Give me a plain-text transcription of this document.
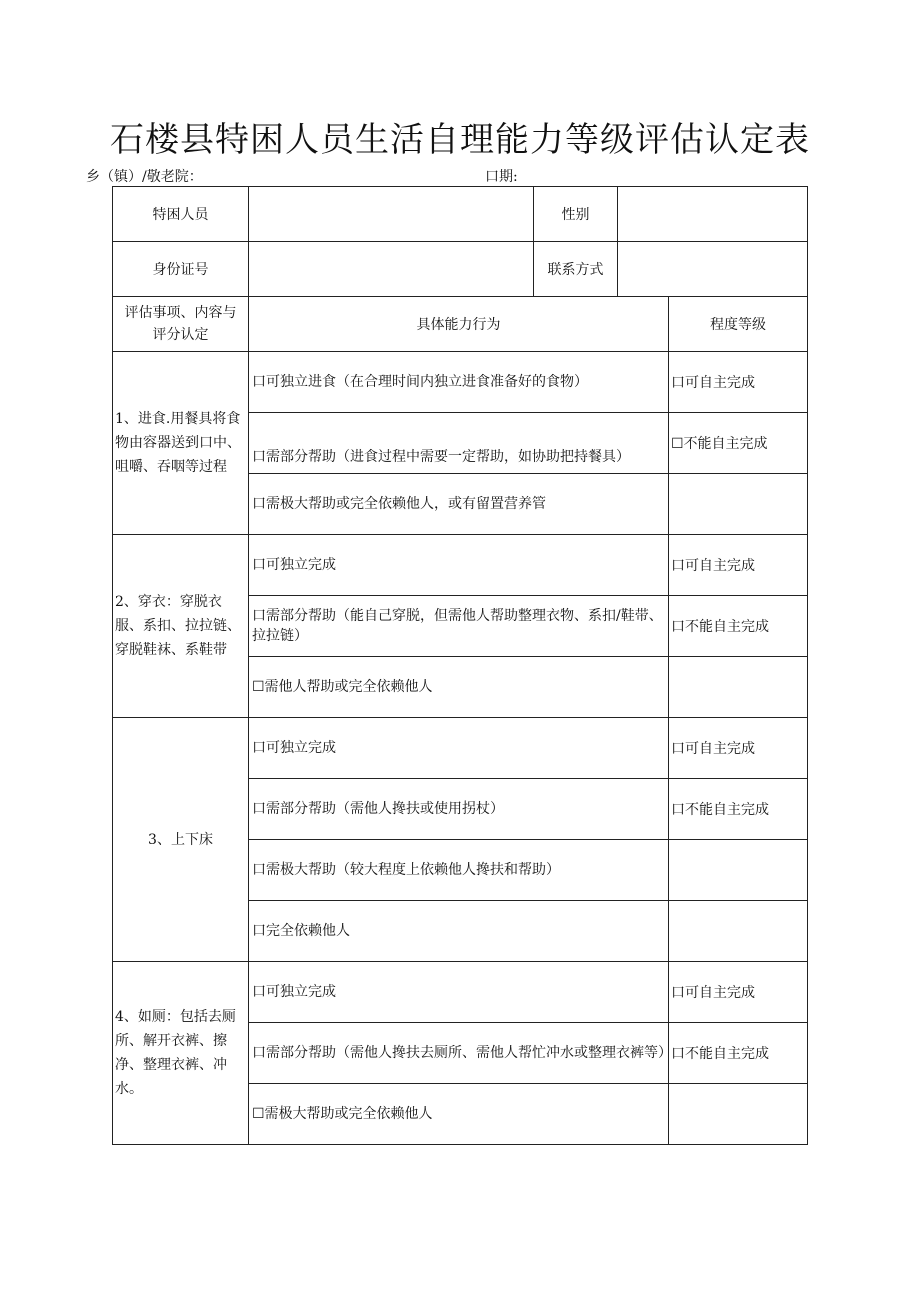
石楼县特困人员生活自理能力等级评估认定表
乡（镇）/敬老院：	口期:
特困人员		性别		
身份证号		联系方式		
评估事项、内容与评分认定	具体能力行为			程度等级
1、进食.用餐具将食物由容器送到口中、咀嚼、吞咽等过程	口可独立进食（在合理时间内独立进食准备好的食物）			口可自主完成
	口需部分帮助（进食过程中需要一定帮助，如协助把持餐具）			☐不能自主完成
	口需极大帮助或完全依赖他人，或有留置营养管			
2、穿衣：穿脱衣服、系扣、拉拉链、穿脱鞋袜、系鞋带	口可独立完成			口可自主完成
	口需部分帮助（能自己穿脱，但需他人帮助整理衣物、系扣/鞋带、拉拉链）			口不能自主完成
	☐需他人帮助或完全依赖他人			
3、上下床	口可独立完成			口可自主完成
	口需部分帮助（需他人搀扶或使用拐杖）			口不能自主完成
	口需极大帮助（较大程度上依赖他人搀扶和帮助）			
	口完全依赖他人			
4、如厕：包括去厕所、解开衣裤、擦净、整理衣裤、冲水。	口可独立完成			口可自主完成
	口需部分帮助（需他人搀扶去厕所、需他人帮忙冲水或整理衣裤等）			口不能自主完成
	☐需极大帮助或完全依赖他人			
